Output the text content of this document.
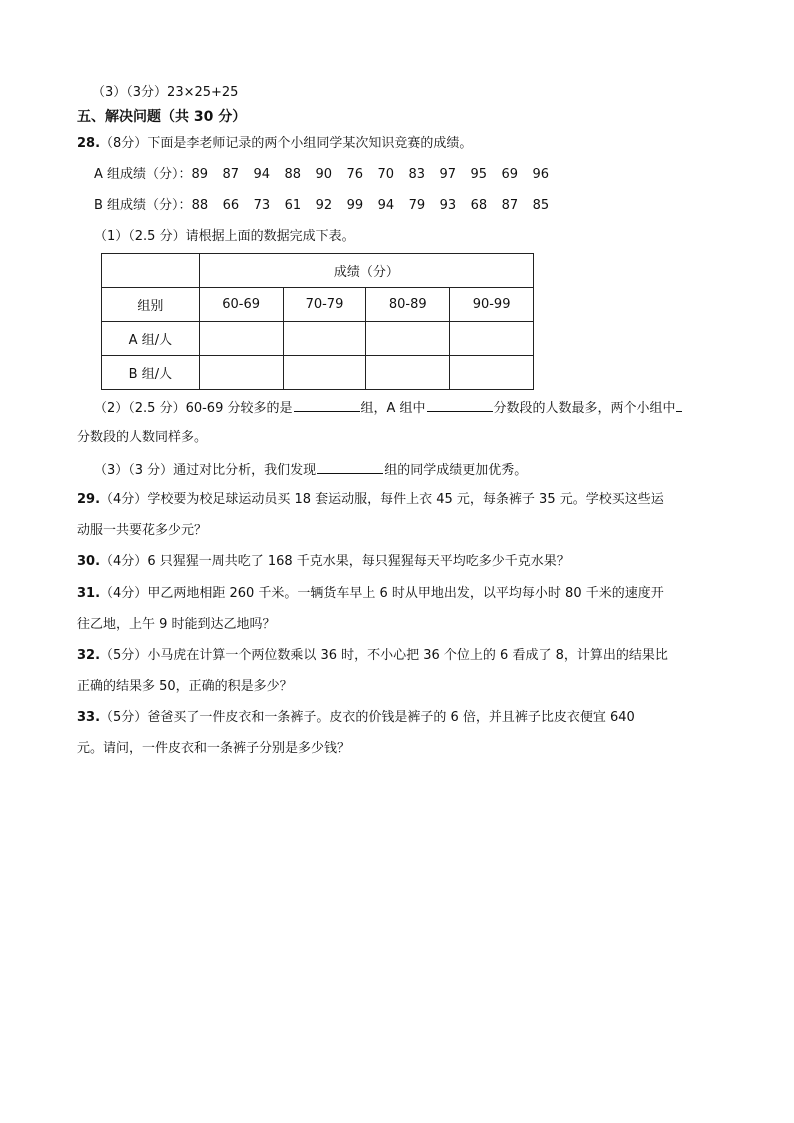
（3）（3分）23×25+25
五、解决问题（共 30 分）
28.（8分）下面是李老师记录的两个小组同学某次知识竞赛的成绩。
A 组成绩（分）：89 87 94 88 90 76 70 83 97 95 69 96
B 组成绩（分）：88 66 73 61 92 99 94 79 93 68 87 85
（1）（2.5 分）请根据上面的数据完成下表。
	成绩（分）			
组别	60-69	70-79	80-89	90-99
A 组/人				
B 组/人				
（2）（2.5 分）60-69 分较多的是	组，A 组中	分数段的人数最多，两个小组中
分数段的人数同样多。
（3）（3 分）通过对比分析，我们发现	组的同学成绩更加优秀。
29.（4分）学校要为校足球运动员买 18 套运动服，每件上衣 45 元，每条裤子 35 元。学校买这些运
动服一共要花多少元？
30.（4分）6 只猩猩一周共吃了 168 千克水果，每只猩猩每天平均吃多少千克水果？
31.（4分）甲乙两地相距 260 千米。一辆货车早上 6 时从甲地出发，以平均每小时 80 千米的速度开
往乙地，上午 9 时能到达乙地吗？
32.（5分）小马虎在计算一个两位数乘以 36 时，不小心把 36 个位上的 6 看成了 8，计算出的结果比
正确的结果多 50，正确的积是多少？
33.（5分）爸爸买了一件皮衣和一条裤子。皮衣的价钱是裤子的 6 倍，并且裤子比皮衣便宜 640
元。请问，一件皮衣和一条裤子分别是多少钱？
